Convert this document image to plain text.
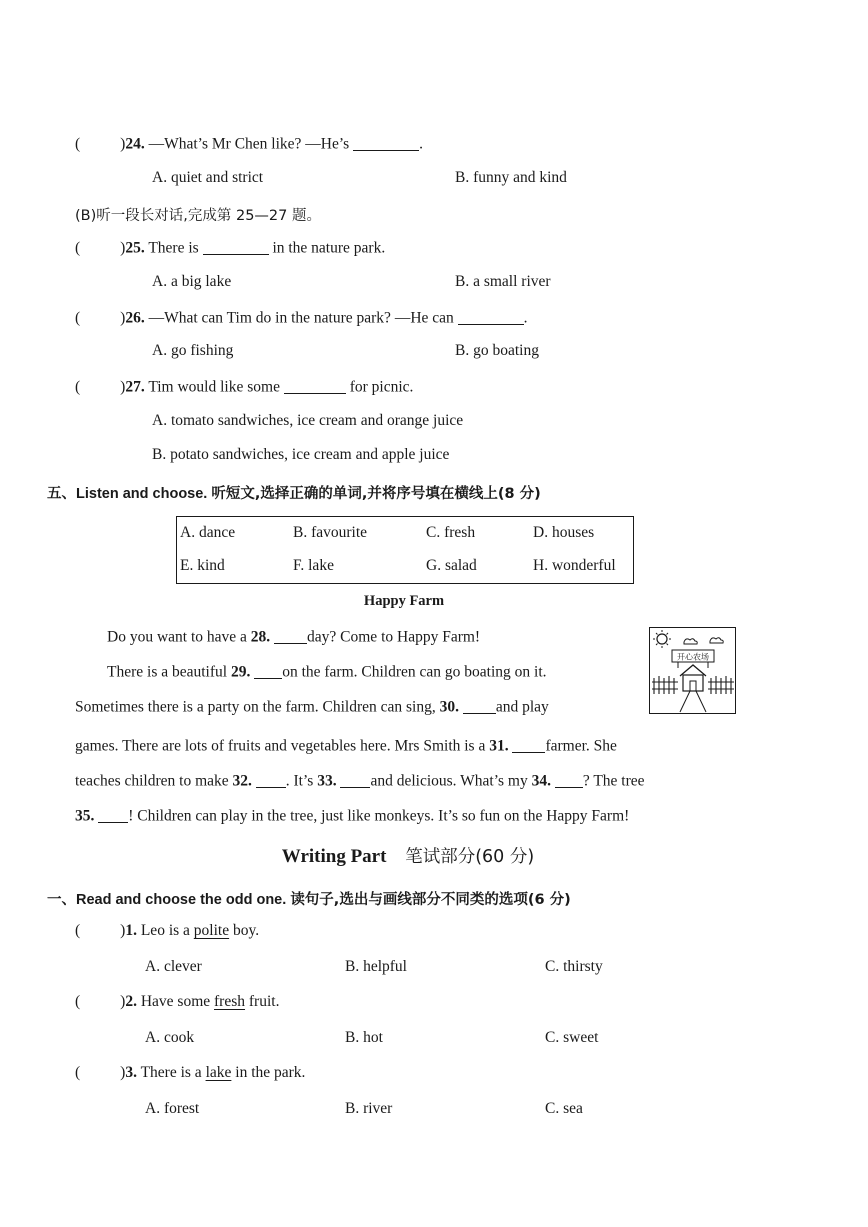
(	)24. —What’s Mr Chen like? —He’s	.
A. quiet and strict	B. funny and kind
(B)听一段长对话,完成第 25—27 题。
(	)25. There is	in the nature park.
A. a big lake	B. a small river
(	)26. —What can Tim do in the nature park? —He can	.
A. go fishing	B. go boating
(	)27. Tim would like some	for picnic.
A. tomato sandwiches, ice cream and orange juice
B. potato sandwiches, ice cream and apple juice
五、Listen and choose. 听短文,选择正确的单词,并将序号填在横线上(8 分)
A. dance	B. favourite	C. fresh	D. houses
E. kind	F. lake	G. salad	H. wonderful
Happy Farm
开心农场
Do you want to have a 28. day? Come to Happy Farm!
There is a beautiful 29. on the farm. Children can go boating on it.
Sometimes there is a party on the farm. Children can sing, 30. and play
games. There are lots of fruits and vegetables here. Mrs Smith is a 31. farmer. She
teaches children to make 32. . It’s 33. and delicious. What’s my 34. ? The tree
35. ! Children can play in the tree, just like monkeys. It’s so fun on the Happy Farm!
Writing Part 笔试部分(60 分)
一、Read and choose the odd one. 读句子,选出与画线部分不同类的选项(6 分)
(	)1. Leo is a polite boy.
A. clever	B. helpful	C. thirsty
(	)2. Have some fresh fruit.
A. cook	B. hot	C. sweet
(	)3. There is a lake in the park.
A. forest	B. river	C. sea
